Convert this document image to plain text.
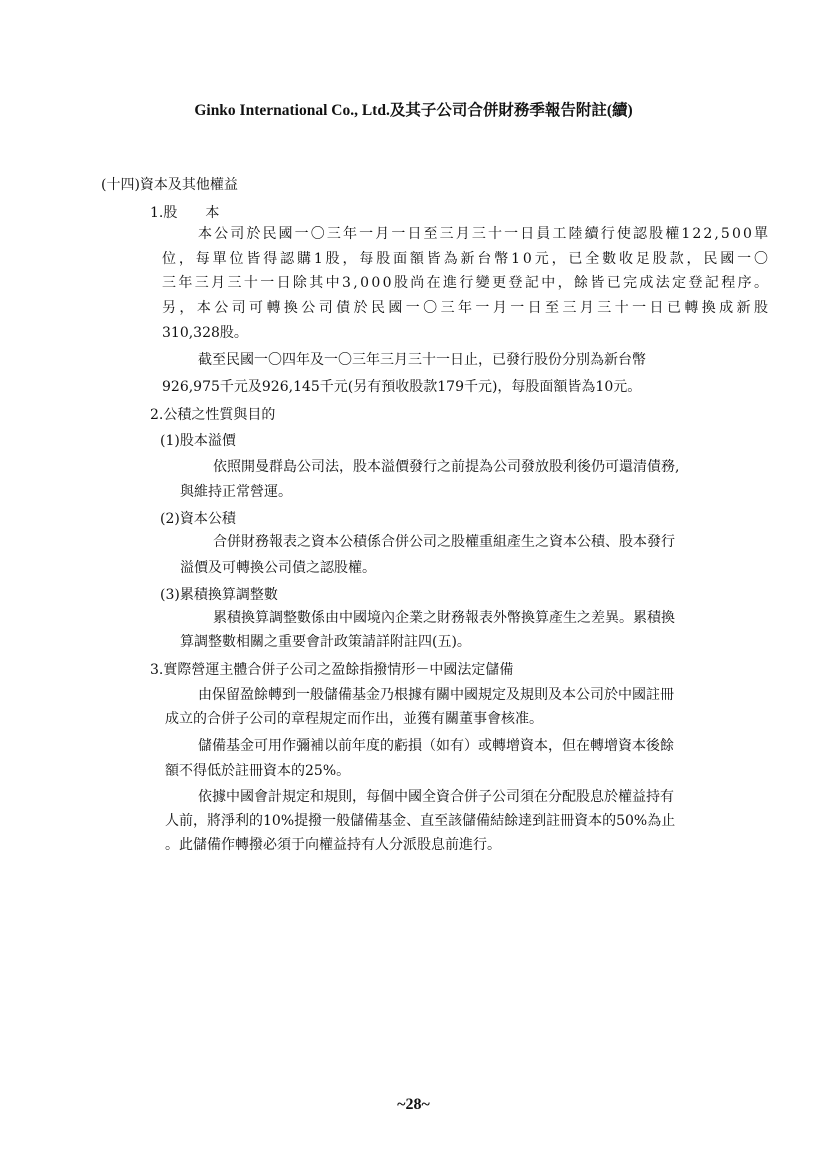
Ginko International Co., Ltd.及其子公司合併財務季報告附註(續)
(十四)資本及其他權益
1.股　　本
本公司於民國一〇三年一月一日至三月三十一日員工陸續行使認股權122,500單
位，每單位皆得認購1股，每股面額皆為新台幣10元，已全數收足股款，民國一〇
三年三月三十一日除其中3,000股尚在進行變更登記中，餘皆已完成法定登記程序。
另，本公司可轉換公司債於民國一〇三年一月一日至三月三十一日已轉換成新股
310,328股。
截至民國一〇四年及一〇三年三月三十一日止，已發行股份分別為新台幣
926,975千元及926,145千元(另有預收股款179千元)，每股面額皆為10元。
2.公積之性質與目的
(1)股本溢價
依照開曼群島公司法，股本溢價發行之前提為公司發放股利後仍可還清債務,
與維持正常營運。
(2)資本公積
合併財務報表之資本公積係合併公司之股權重組產生之資本公積、股本發行
溢價及可轉換公司債之認股權。
(3)累積換算調整數
累積換算調整數係由中國境內企業之財務報表外幣換算產生之差異。累積換
算調整數相關之重要會計政策請詳附註四(五)。
3.實際營運主體合併子公司之盈餘指撥情形－中國法定儲備
由保留盈餘轉到一般儲備基金乃根據有關中國規定及規則及本公司於中國註冊
成立的合併子公司的章程規定而作出，並獲有關董事會核准。
儲備基金可用作彌補以前年度的虧損（如有）或轉增資本，但在轉增資本後餘
額不得低於註冊資本的25%。
依據中國會計規定和規則，每個中國全資合併子公司須在分配股息於權益持有
人前，將淨利的10%提撥一般儲備基金、直至該儲備結餘達到註冊資本的50%為止
。此儲備作轉撥必須于向權益持有人分派股息前進行。
~28~
